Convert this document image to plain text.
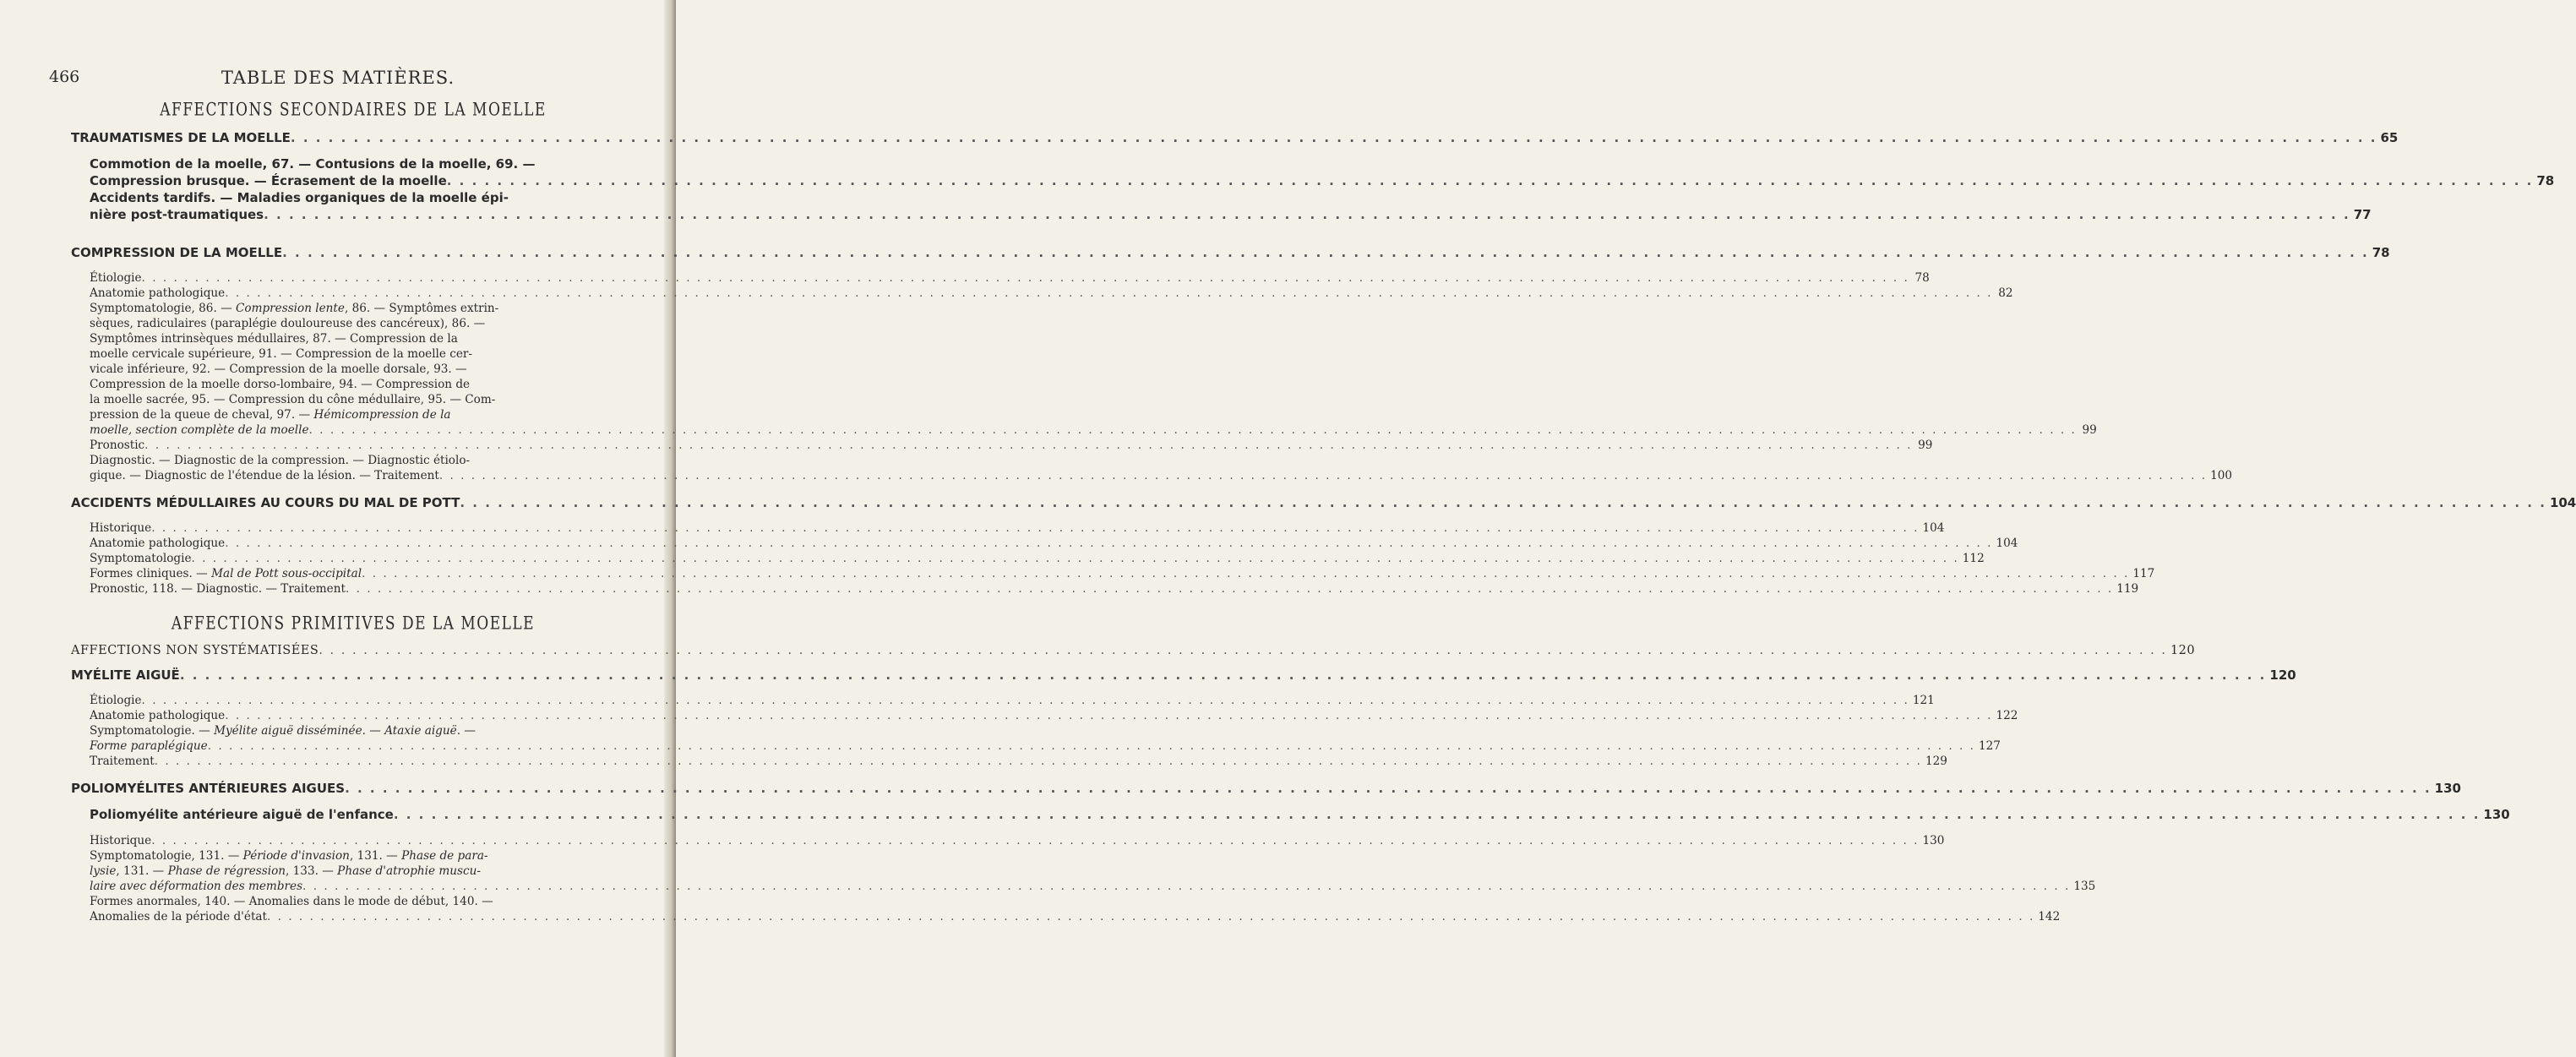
466	TABLE DES MATIÈRES.
AFFECTIONS SECONDAIRES DE LA MOELLE
TRAUMATISMES DE LA MOELLE . . .	65
Commotion de la moelle, 67. — Contusions de la moelle, 69. —
Compression brusque. — Écrasement de la moelle . . .	78
Accidents tardifs. — Maladies organiques de la moelle épi-
nière post-traumatiques . . .	77
COMPRESSION DE LA MOELLE . . .	78
Étiologie . . .	78
Anatomie pathologique . . .	82
Symptomatologie, 86. — Compression lente, 86. — Symptômes extrin-
sèques, radiculaires (paraplégie douloureuse des cancéreux), 86. —
Symptômes intrinsèques médullaires, 87. — Compression de la
moelle cervicale supérieure, 91. — Compression de la moelle cer-
vicale inférieure, 92. — Compression de la moelle dorsale, 93. —
Compression de la moelle dorso-lombaire, 94. — Compression de
la moelle sacrée, 95. — Compression du cône médullaire, 95. — Com-
pression de la queue de cheval, 97. — Hémicompression de la
moelle, section complète de la moelle . . .	99
Pronostic . . .	99
Diagnostic. — Diagnostic de la compression. — Diagnostic étiolo-
gique. — Diagnostic de l'étendue de la lésion. — Traitement . . .	100
ACCIDENTS MÉDULLAIRES AU COURS DU MAL DE POTT . . .	104
Historique . . .	104
Anatomie pathologique . . .	104
Symptomatologie . . .	112
Formes cliniques. — Mal de Pott sous-occipital . . .	117
Pronostic, 118. — Diagnostic. — Traitement . . .	119
AFFECTIONS PRIMITIVES DE LA MOELLE
AFFECTIONS NON SYSTÉMATISÉES . . .	120
MYÉLITE AIGUË . . .	120
Étiologie . . .	121
Anatomie pathologique . . .	122
Symptomatologie. — Myélite aiguë disséminée. — Ataxie aiguë. —
Forme paraplégique . . .	127
Traitement . . .	129
POLIOMYÉLITES ANTÉRIEURES AIGUES . . .	130
Poliomyélite antérieure aiguë de l'enfance . . .	130
Historique . . .	130
Symptomatologie, 131. — Période d'invasion, 131. — Phase de para-
lysie, 131. — Phase de régression, 133. — Phase d'atrophie muscu-
laire avec déformation des membres . . .	135
Formes anormales, 140. — Anomalies dans le mode de début, 140. —
Anomalies de la période d'état . . .	142
